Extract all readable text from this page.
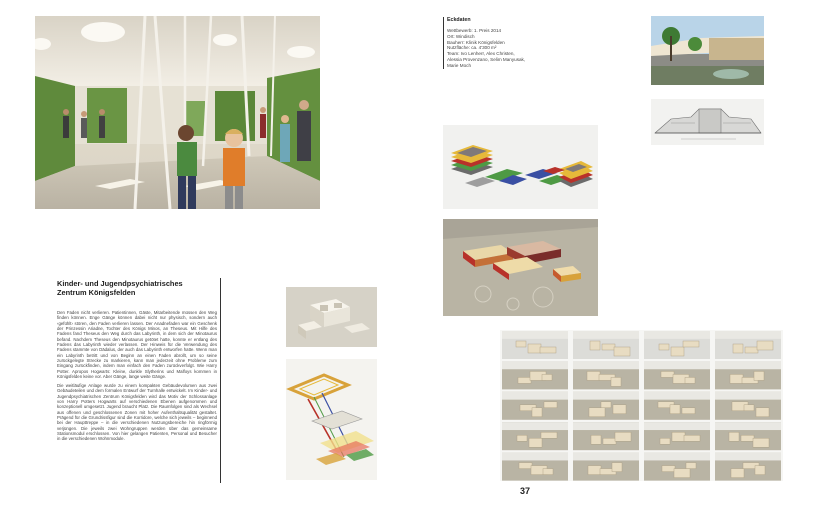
Eckdaten
Wettbewerb: 1. Preis 2014
Ort: Windisch
Bauherr: Klinik Königsfelden
Nutzfläche: ca. 4'300 m²
Team: Ivo Lenherr, Alex Christen,
Alessia Provenzano, Selim Manyusak,
Marie Moch
Kinder- und Jugendpsychiatrisches
Zentrum Königsfelden

Den Faden nicht verlieren. Patientinnen, Gäste, Mitarbeitende müssen den Weg finden können. Enge Gänge können dabei nicht nur physisch, sondern auch ‹gefühlt› stören, den Faden verlieren lassen. Der Anadnefaden war ein Geschenk der Prinzessin Ariadne, Tochter des Königs Minos, an Theseus. Mit Hilfe des Fadens fand Theseus den Weg durch das Labyrinth, in dem sich der Minotaurus befand. Nachdem Theseus den Minotaurus getötet hatte, konnte er entlang des Fadens das Labyrinth wieder verlassen. Der Hinweis für die Verwendung des Fadens stammte von Dädalus, der auch das Labyrinth entworfen hatte. Wenn man ein Labyrinth betritt und von Beginn an einen Faden abrollt, um so seine zurückgelegte Strecke zu markieren, kann man jederzeit ohne Probleme zum Eingang zurückfinden, indem man einfach den Faden zurückverfolgt. Wie Harry Potter. Apropos Hogwarts: Kleine, dunkle Slytherins und Malfoys kommen in Königsfelden keine vor. Aber Gänge, lange weite Gänge.

Die weitläufige Anlage wurde zu einem kompakten Gebäudevolumen aus zwei Gebäudeteilen und dem formalen Entwurf der Turnhalle entwickelt. Im Kinder- und Jugendpsychiatrischen Zentrum Königsfelden wird das Motiv der Schlossanlage von Harry Potters Hogwarts auf verschiedenen Ebenen aufgenommen und konzeptionell umgesetzt. Jugend braucht Platz. Die Raumfolgen sind als Wechsel aus offenen und geschlossenen Zonen mit hoher Aufenthaltsqualität gestaltet. Prägend für die Grundrissfigur sind die Korridore, welche sich jeweils – beginnend bei der Haupttreppe – in die verschiedenen Nutzungsbereiche hin ringförmig verjüngen. Die jeweils zwei Wohngruppen werden über das gemeinsame Stationsmodul erschlossen. Von hier gelangen Patienten, Personal und Besucher in die verschiedenen Wohnmodule.

37
